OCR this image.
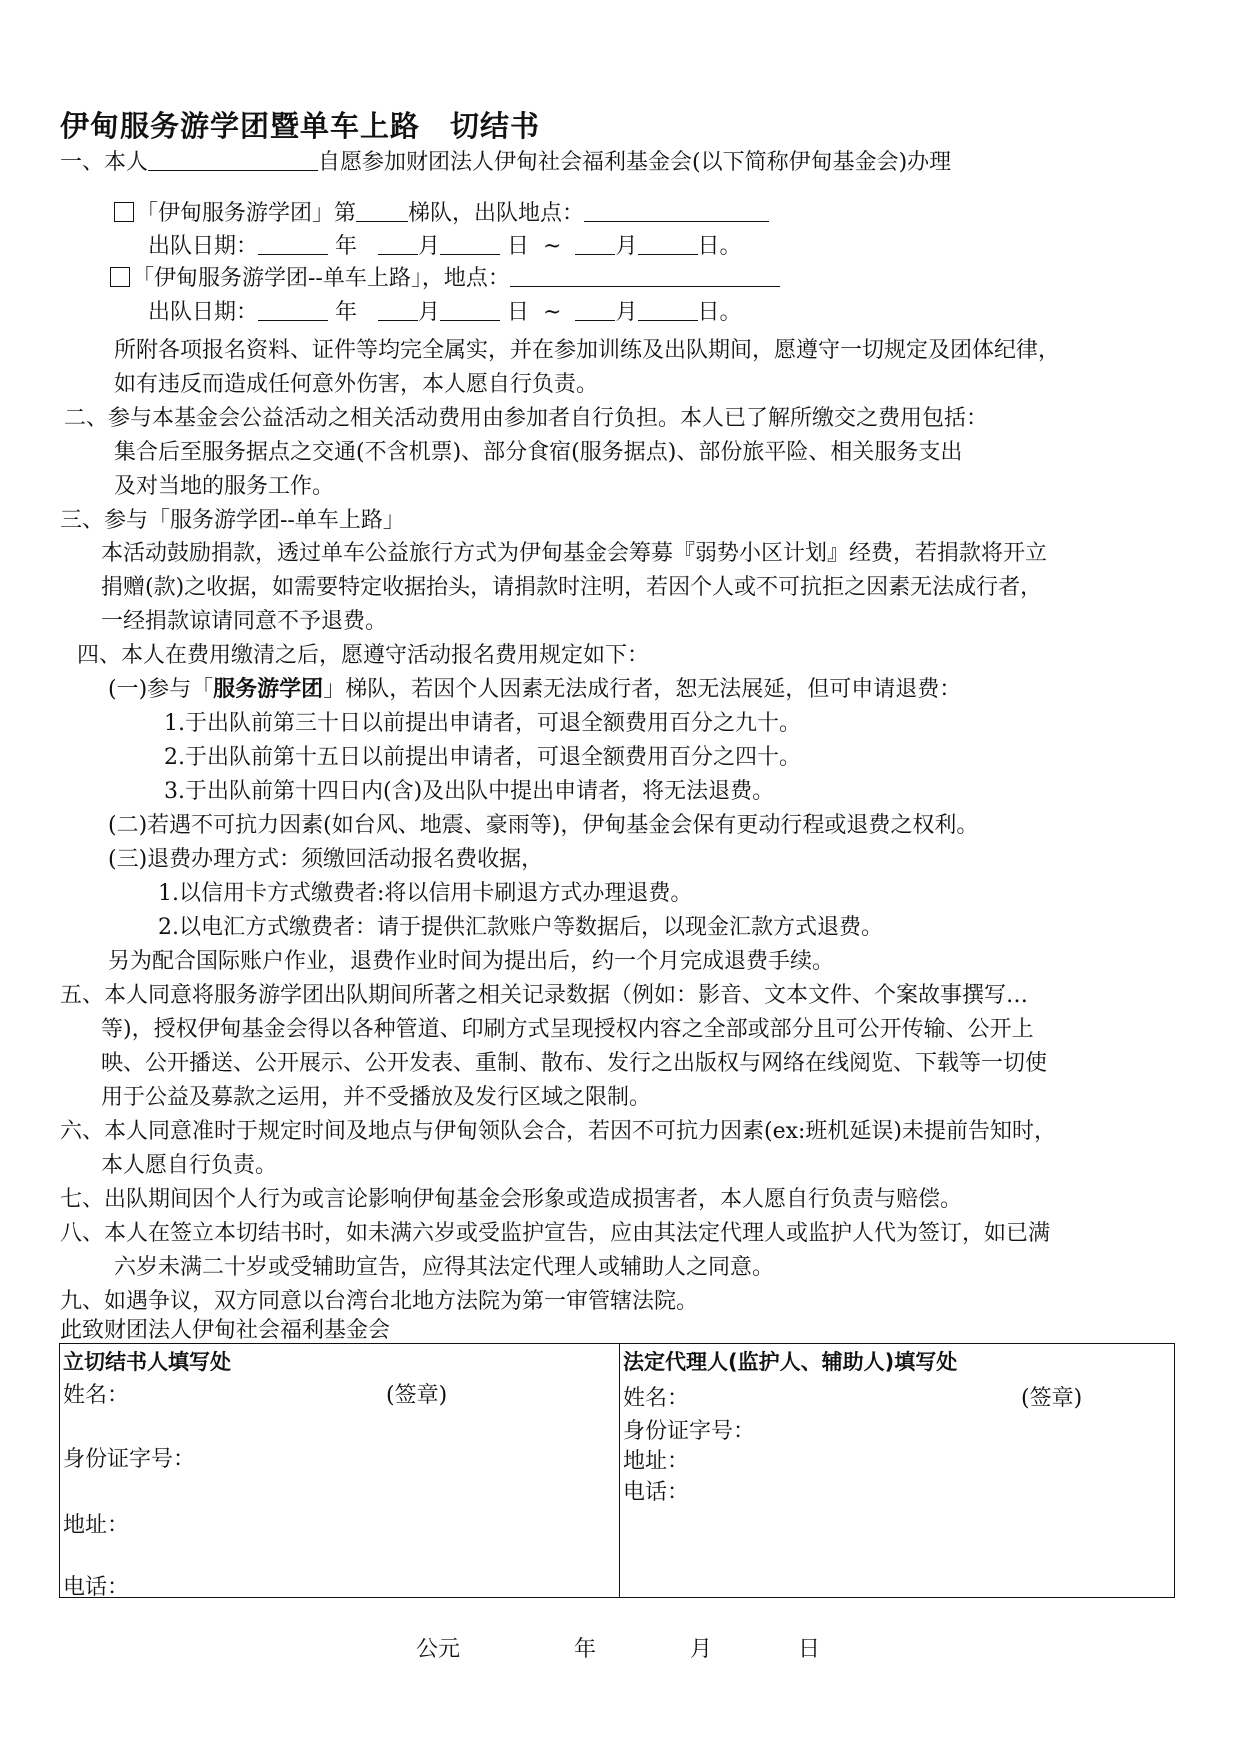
伊甸服务游学团暨单车上路　切结书
一、本人	自愿参加财团法人伊甸社会福利基金会(以下简称伊甸基金会)办理
「伊甸服务游学团」第 梯队，出队地点：
出队日期：	年	月	日 ~ 月	日。
「伊甸服务游学团--单车上路」，地点：
出队日期：	年	月	日 ~ 月	日。
所附各项报名资料、证件等均完全属实，并在参加训练及出队期间，愿遵守一切规定及团体纪律，
如有违反而造成任何意外伤害，本人愿自行负责。
二、参与本基金会公益活动之相关活动费用由参加者自行负担。本人已了解所缴交之费用包括：
集合后至服务据点之交通(不含机票)、部分食宿(服务据点)、部份旅平险、相关服务支出
及对当地的服务工作。
三、参与「服务游学团--单车上路」
本活动鼓励捐款，透过单车公益旅行方式为伊甸基金会筹募『弱势小区计划』经费，若捐款将开立
捐赠(款)之收据，如需要特定收据抬头，请捐款时注明，若因个人或不可抗拒之因素无法成行者，
一经捐款谅请同意不予退费。
四、本人在费用缴清之后，愿遵守活动报名费用规定如下：
(一)参与「服务游学团」梯队，若因个人因素无法成行者，恕无法展延，但可申请退费：
1.于出队前第三十日以前提出申请者，可退全额费用百分之九十。
2.于出队前第十五日以前提出申请者，可退全额费用百分之四十。
3.于出队前第十四日内(含)及出队中提出申请者，将无法退费。
(二)若遇不可抗力因素(如台风、地震、豪雨等)，伊甸基金会保有更动行程或退费之权利。
(三)退费办理方式：须缴回活动报名费收据，
1.以信用卡方式缴费者:将以信用卡刷退方式办理退费。
2.以电汇方式缴费者：请于提供汇款账户等数据后，以现金汇款方式退费。
另为配合国际账户作业，退费作业时间为提出后，约一个月完成退费手续。
五、本人同意将服务游学团出队期间所著之相关记录数据（例如：影音、文本文件、个案故事撰写…
等)，授权伊甸基金会得以各种管道、印刷方式呈现授权内容之全部或部分且可公开传输、公开上
映、公开播送、公开展示、公开发表、重制、散布、发行之出版权与网络在线阅览、下载等一切使
用于公益及募款之运用，并不受播放及发行区域之限制。
六、本人同意准时于规定时间及地点与伊甸领队会合，若因不可抗力因素(ex:班机延误)未提前告知时，
本人愿自行负责。
七、出队期间因个人行为或言论影响伊甸基金会形象或造成损害者，本人愿自行负责与赔偿。
八、本人在签立本切结书时，如未满六岁或受监护宣告，应由其法定代理人或监护人代为签订，如已满
六岁未满二十岁或受辅助宣告，应得其法定代理人或辅助人之同意。
九、如遇争议，双方同意以台湾台北地方法院为第一审管辖法院。
此致财团法人伊甸社会福利基金会
立切结书人填写处
姓名：	(签章)
身份证字号：
地址：
电话：
法定代理人(监护人、辅助人)填写处
姓名：	(签章)
身份证字号：
地址：
电话：
公元	年	月	日
